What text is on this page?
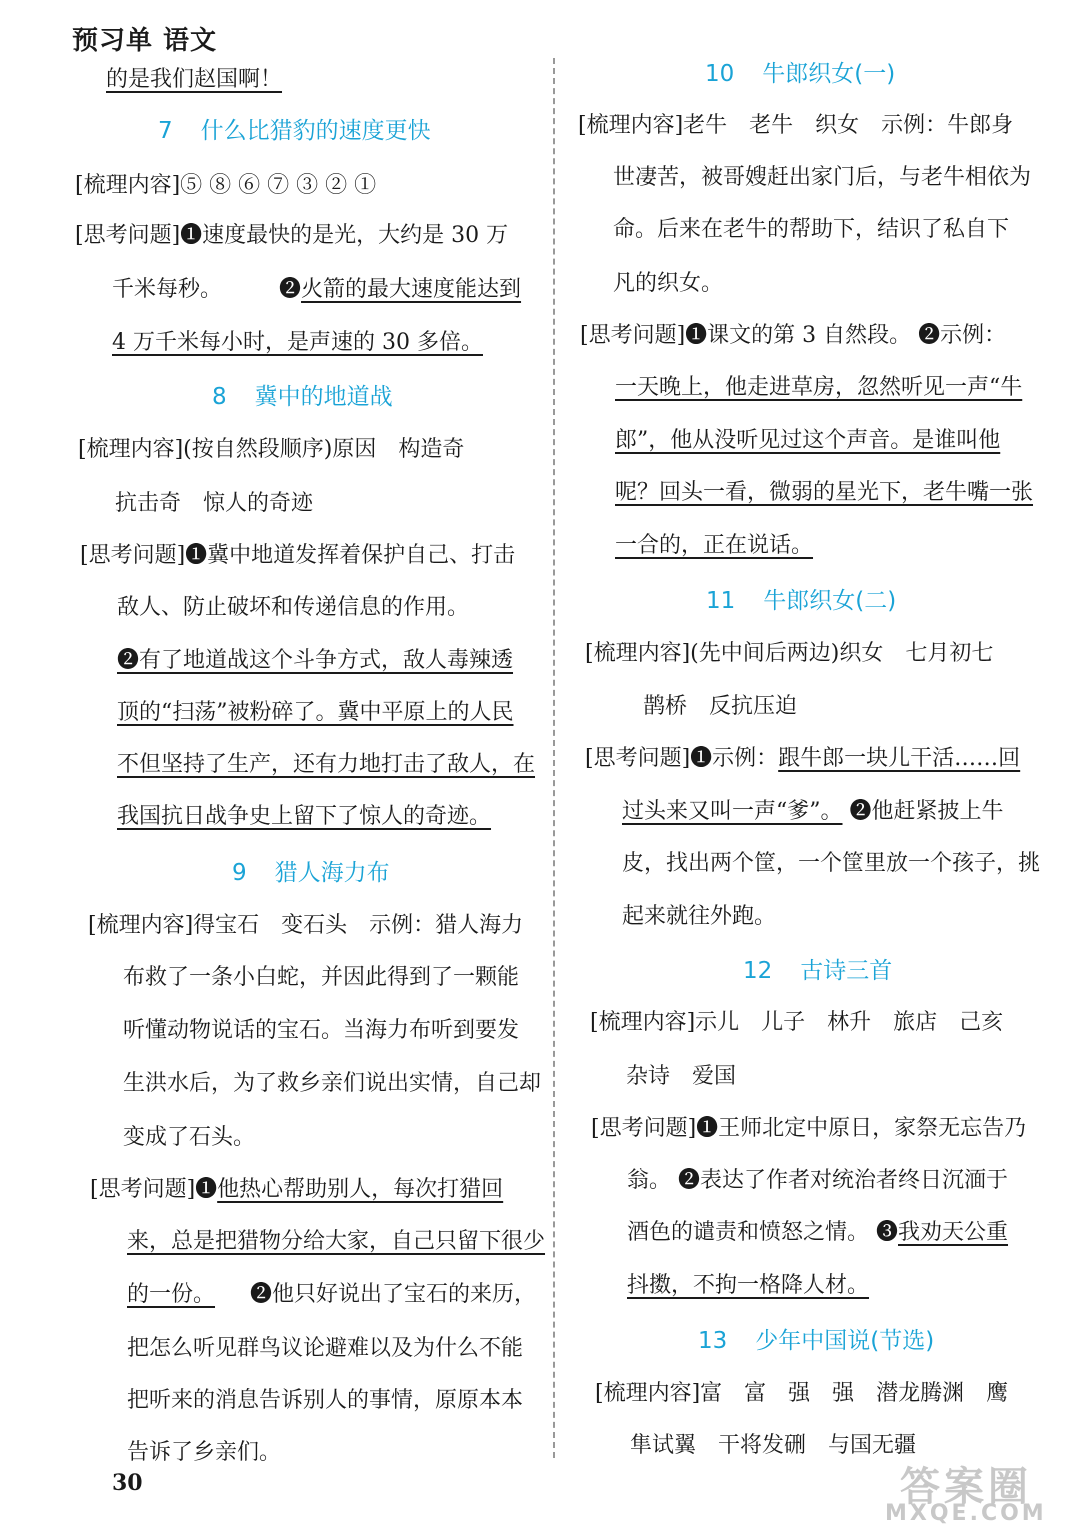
预习单 语文
的是我们赵国啊！
7 什么比猎豹的速度更快
[梳理内容]⑤ ⑧ ⑥ ⑦ ③ ② ①
[思考问题]❶速度最快的是光，大约是 30 万
千米每秒。	❷火箭的最大速度能达到
4 万千米每小时，是声速的 30 多倍。
8 冀中的地道战
[梳理内容](按自然段顺序)原因　构造奇
抗击奇　惊人的奇迹
[思考问题]❶冀中地道发挥着保护自己、打击
敌人、防止破坏和传递信息的作用。
❷有了地道战这个斗争方式，敌人毒辣透
顶的“扫荡”被粉碎了。冀中平原上的人民
不但坚持了生产，还有力地打击了敌人，在
我国抗日战争史上留下了惊人的奇迹。
9 猎人海力布
[梳理内容]得宝石　变石头　示例：猎人海力
布救了一条小白蛇，并因此得到了一颗能
听懂动物说话的宝石。当海力布听到要发
生洪水后，为了救乡亲们说出实情，自己却
变成了石头。
[思考问题]❶他热心帮助别人，每次打猎回
来，总是把猎物分给大家，自己只留下很少
的一份。 ❷他只好说出了宝石的来历，
把怎么听见群鸟议论避难以及为什么不能
把听来的消息告诉别人的事情，原原本本
告诉了乡亲们。
10 牛郎织女(一)
[梳理内容]老牛　老牛　织女　示例：牛郎身
世凄苦，被哥嫂赶出家门后，与老牛相依为
命。后来在老牛的帮助下，结识了私自下
凡的织女。
[思考问题]❶课文的第 3 自然段。 ❷示例：
一天晚上，他走进草房，忽然听见一声“牛
郎”，他从没听见过这个声音。是谁叫他
呢？回头一看，微弱的星光下，老牛嘴一张
一合的，正在说话。
11 牛郎织女(二)
[梳理内容](先中间后两边)织女　七月初七
鹊桥　反抗压迫
[思考问题]❶示例：跟牛郎一块儿干活……回
过头来又叫一声“爹”。 ❷他赶紧披上牛
皮，找出两个筐，一个筐里放一个孩子，挑
起来就往外跑。
12 古诗三首
[梳理内容]示儿　儿子　林升　旅店　己亥
杂诗　爱国
[思考问题]❶王师北定中原日，家祭无忘告乃
翁。 ❷表达了作者对统治者终日沉湎于
酒色的谴责和愤怒之情。 ❸我劝天公重
抖擞，不拘一格降人材。
13 少年中国说(节选)
[梳理内容]富　富　强　强　潜龙腾渊　鹰
隼试翼　干将发硎　与国无疆
30	答案圈
MXQE.COM
